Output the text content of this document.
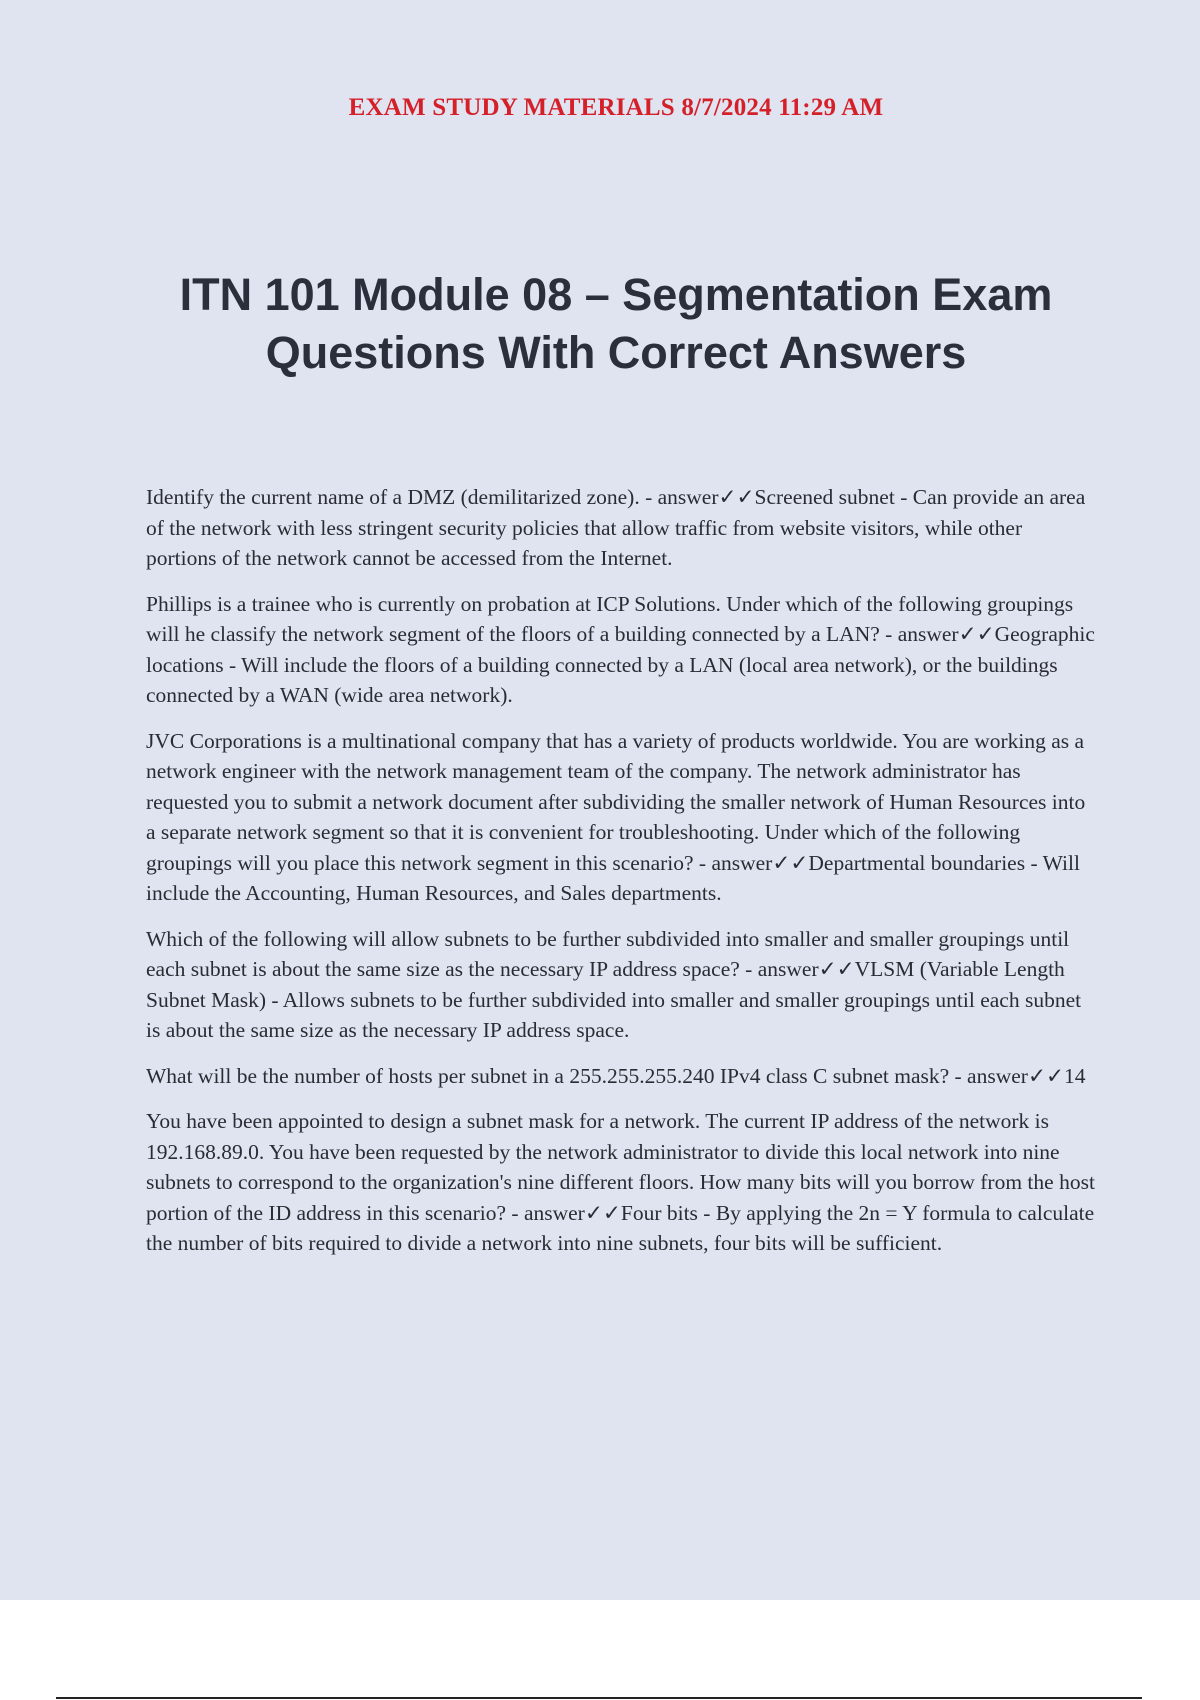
EXAM STUDY MATERIALS 8/7/2024 11:29 AM
ITN 101 Module 08 – Segmentation Exam
Questions With Correct Answers

Identify the current name of a DMZ (demilitarized zone). - answer✓✓Screened subnet - Can provide an area of the network with less stringent security policies that allow traffic from website visitors, while other portions of the network cannot be accessed from the Internet.

Phillips is a trainee who is currently on probation at ICP Solutions. Under which of the following groupings will he classify the network segment of the floors of a building connected by a LAN? - answer✓✓Geographic locations - Will include the floors of a building connected by a LAN (local area network), or the buildings connected by a WAN (wide area network).

JVC Corporations is a multinational company that has a variety of products worldwide. You are working as a network engineer with the network management team of the company. The network administrator has requested you to submit a network document after subdividing the smaller network of Human Resources into a separate network segment so that it is convenient for troubleshooting. Under which of the following groupings will you place this network segment in this scenario? - answer✓✓Departmental boundaries - Will include the Accounting, Human Resources, and Sales departments.

Which of the following will allow subnets to be further subdivided into smaller and smaller groupings until each subnet is about the same size as the necessary IP address space? - answer✓✓VLSM (Variable Length Subnet Mask) - Allows subnets to be further subdivided into smaller and smaller groupings until each subnet is about the same size as the necessary IP address space.

What will be the number of hosts per subnet in a 255.255.255.240 IPv4 class C subnet mask? - answer✓✓14

You have been appointed to design a subnet mask for a network. The current IP address of the network is 192.168.89.0. You have been requested by the network administrator to divide this local network into nine subnets to correspond to the organization's nine different floors. How many bits will you borrow from the host portion of the ID address in this scenario? - answer✓✓Four bits - By applying the 2n = Y formula to calculate the number of bits required to divide a network into nine subnets, four bits will be sufficient.
